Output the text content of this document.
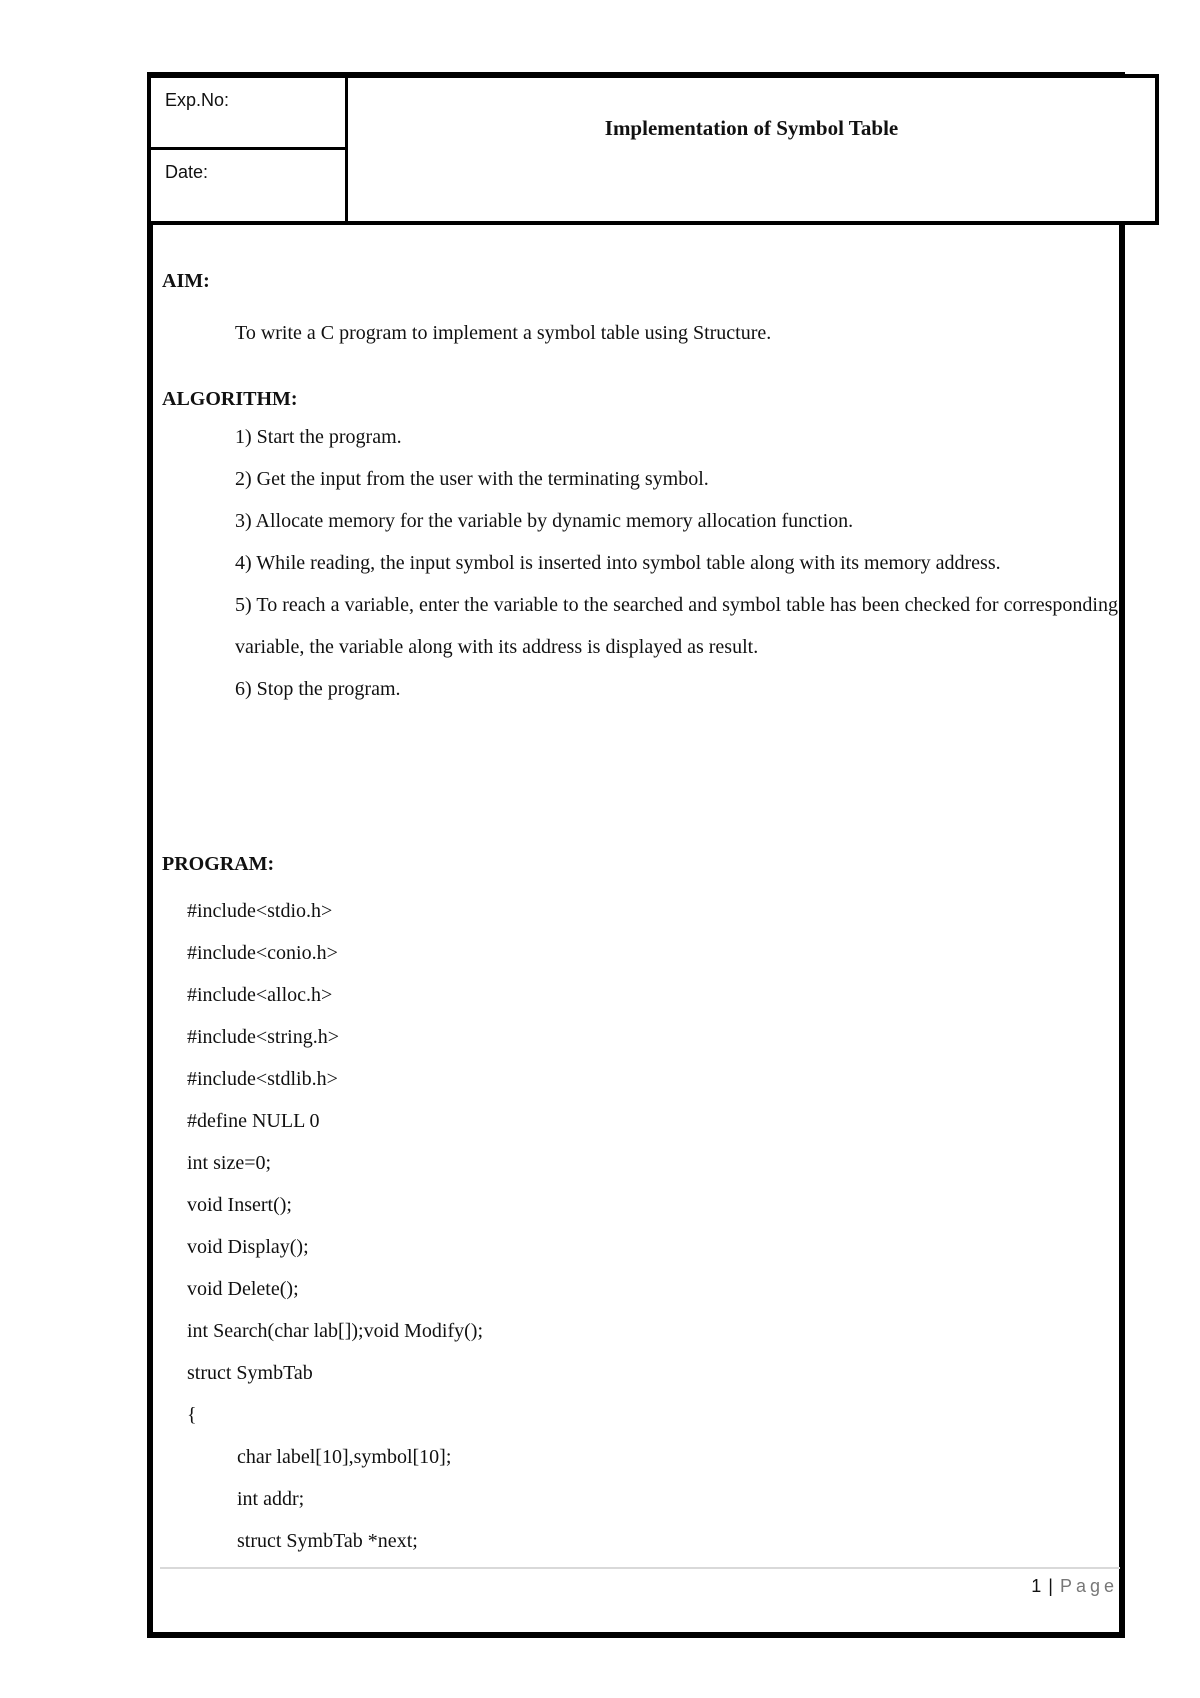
Exp.No:
Date:
Implementation of Symbol Table
AIM:
To write a C program to implement a symbol table using Structure.
ALGORITHM:
1) Start the program.
2) Get the input from the user with the terminating symbol.
3) Allocate memory for the variable by dynamic memory allocation function.
4) While reading, the input symbol is inserted into symbol table along with its memory address.
5) To reach a variable, enter the variable to the searched and symbol table has been checked for corresponding variable, the variable along with its address is displayed as result.
6) Stop the program.
PROGRAM:
#include<stdio.h>
#include<conio.h>
#include<alloc.h>
#include<string.h>
#include<stdlib.h>
#define NULL 0
int size=0;
void Insert();
void Display();
void Delete();
int Search(char lab[]);void Modify();
struct SymbTab
{
char label[10],symbol[10];
int addr;
struct SymbTab *next;
1 | Page
